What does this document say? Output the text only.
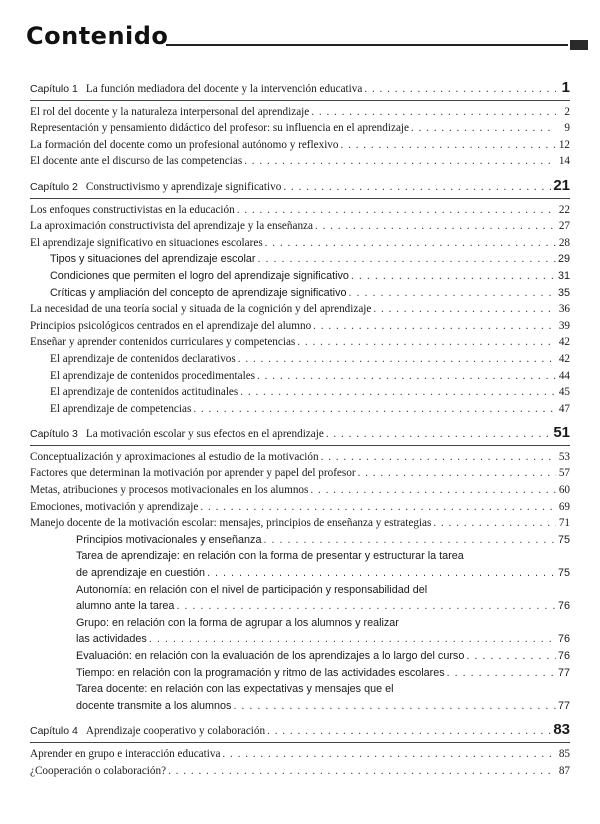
Contenido
Capítulo 1 La función mediadora del docente y la intervención educativa . . .	1
El rol del docente y la naturaleza interpersonal del aprendizaje . . .	2
Representación y pensamiento didáctico del profesor: su influencia en el aprendizaje . . .	9
La formación del docente como un profesional autónomo y reflexivo . . .	12
El docente ante el discurso de las competencias . . .	14
Capítulo 2 Constructivismo y aprendizaje significativo . . .	21
Los enfoques constructivistas en la educación . . .	22
La aproximación constructivista del aprendizaje y la enseñanza . . .	27
El aprendizaje significativo en situaciones escolares . . .	28
Tipos y situaciones del aprendizaje escolar . . .	29
Condiciones que permiten el logro del aprendizaje significativo . . .	31
Críticas y ampliación del concepto de aprendizaje significativo . . .	35
La necesidad de una teoría social y situada de la cognición y del aprendizaje . . .	36
Principios psicológicos centrados en el aprendizaje del alumno . . .	39
Enseñar y aprender contenidos curriculares y competencias . . .	42
El aprendizaje de contenidos declarativos . . .	42
El aprendizaje de contenidos procedimentales . . .	44
El aprendizaje de contenidos actitudinales . . .	45
El aprendizaje de competencias . . .	47
Capítulo 3 La motivación escolar y sus efectos en el aprendizaje . . .	51
Conceptualización y aproximaciones al estudio de la motivación . . .	53
Factores que determinan la motivación por aprender y papel del profesor . . .	57
Metas, atribuciones y procesos motivacionales en los alumnos . . .	60
Emociones, motivación y aprendizaje . . .	69
Manejo docente de la motivación escolar: mensajes, principios de enseñanza y estrategias . . .	71
Principios motivacionales y enseñanza . . .	75
Tarea de aprendizaje: en relación con la forma de presentar y estructurar la tarea
de aprendizaje en cuestión . . .	75
Autonomía: en relación con el nivel de participación y responsabilidad del
alumno ante la tarea . . .	76
Grupo: en relación con la forma de agrupar a los alumnos y realizar
las actividades . . .	76
Evaluación: en relación con la evaluación de los aprendizajes a lo largo del curso . . .	76
Tiempo: en relación con la programación y ritmo de las actividades escolares . . .	77
Tarea docente: en relación con las expectativas y mensajes que el
docente transmite a los alumnos . . .	77
Capítulo 4 Aprendizaje cooperativo y colaboración . . .	83
Aprender en grupo e interacción educativa . . .	85
¿Cooperación o colaboración? . . .	87
